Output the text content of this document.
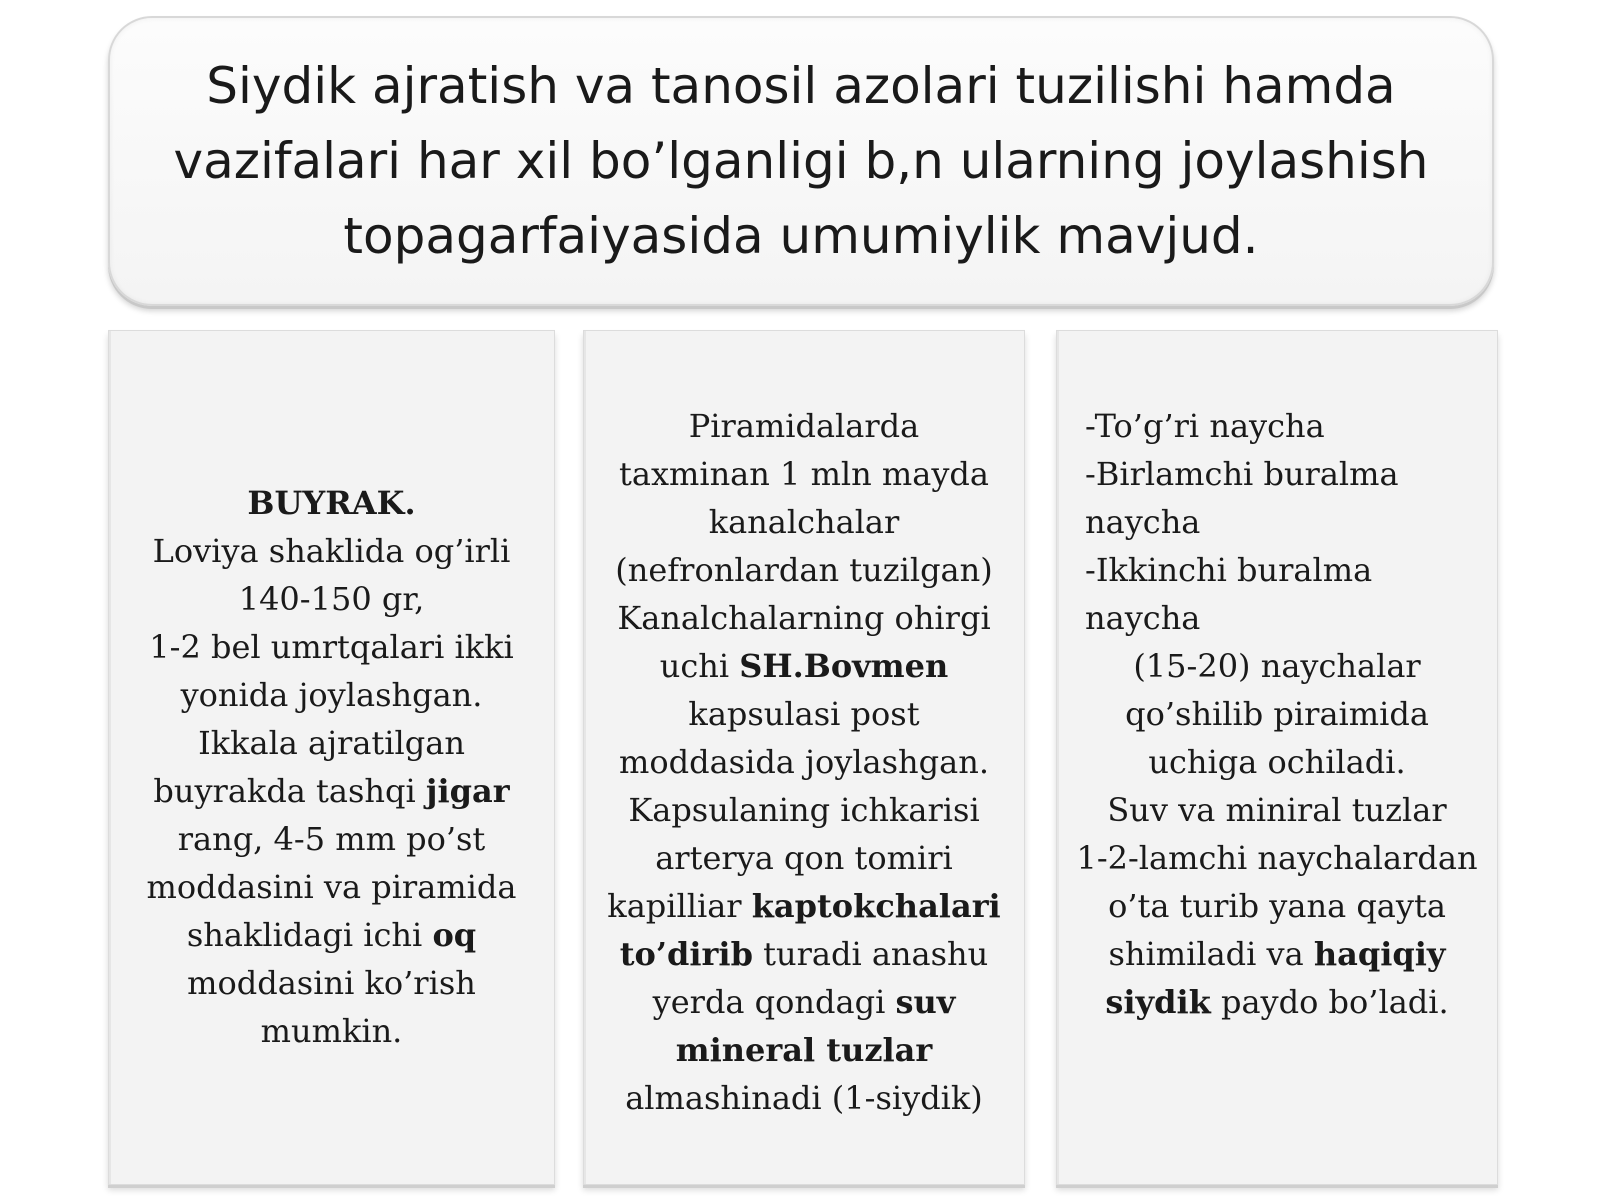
Siydik ajratish va tanosil azolari tuzilishi hamda
vazifalari har xil bo’lganligi b,n ularning joylashish
topagarfaiyasida umumiylik mavjud.
BUYRAK.
Loviya shaklida og’irli
140-150 gr,
1-2 bel umrtqalari ikki
yonida joylashgan.
Ikkala ajratilgan
buyrakda tashqi jigar
rang, 4-5 mm po’st
moddasini va piramida
shaklidagi ichi oq
moddasini ko’rish
mumkin.
Piramidalarda
taxminan 1 mln mayda
kanalchalar
(nefronlardan tuzilgan)
Kanalchalarning ohirgi
uchi SH.Bovmen
kapsulasi post
moddasida joylashgan.
Kapsulaning ichkarisi
arterya qon tomiri
kapilliar kaptokchalari
to’dirib turadi anashu
yerda qondagi suv
mineral tuzlar
almashinadi (1-siydik)
-To’g’ri naycha
-Birlamchi buralma
naycha
-Ikkinchi buralma
naycha
(15-20) naychalar
qo’shilib piraimida
uchiga ochiladi.
Suv va miniral tuzlar
1-2-lamchi naychalardan
o’ta turib yana qayta
shimiladi va haqiqiy
siydik paydo bo’ladi.
